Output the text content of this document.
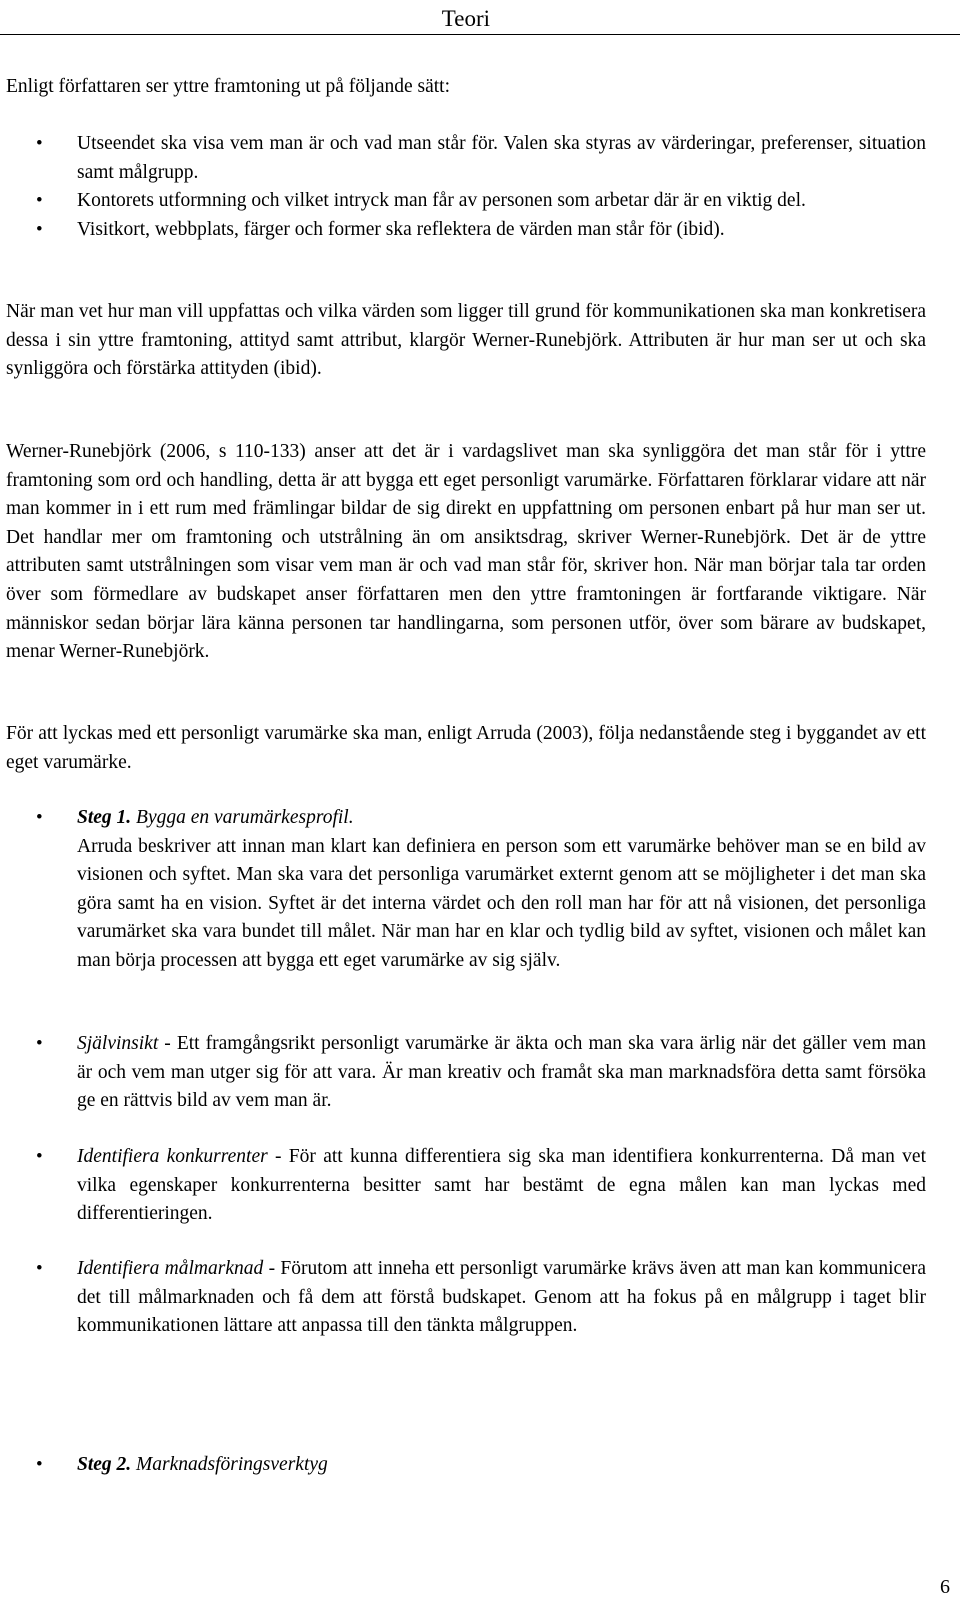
Teori

Enligt författaren ser yttre framtoning ut på följande sätt:

•
Utseendet ska visa vem man är och vad man står för. Valen ska styras av värderingar, preferenser, situation samt målgrupp.
•
Kontorets utformning och vilket intryck man får av personen som arbetar där är en viktig del.
•
Visitkort, webbplats, färger och former ska reflektera de värden man står för (ibid).

När man vet hur man vill uppfattas och vilka värden som ligger till grund för kommunikationen ska man konkretisera dessa i sin yttre framtoning, attityd samt attribut, klargör Werner-Runebjörk. Attributen är hur man ser ut och ska synliggöra och förstärka attityden (ibid).

Werner-Runebjörk (2006, s 110-133) anser att det är i vardagslivet man ska synliggöra det man står för i yttre framtoning som ord och handling, detta är att bygga ett eget personligt varumärke. Författaren förklarar vidare att när man kommer in i ett rum med främlingar bildar de sig direkt en uppfattning om personen enbart på hur man ser ut. Det handlar mer om framtoning och utstrålning än om ansiktsdrag, skriver Werner-Runebjörk. Det är de yttre attributen samt utstrålningen som visar vem man är och vad man står för, skriver hon. När man börjar tala tar orden över som förmedlare av budskapet anser författaren men den yttre framtoningen är fortfarande viktigare. När människor sedan börjar lära känna personen tar handlingarna, som personen utför, över som bärare av budskapet, menar Werner-Runebjörk.

För att lyckas med ett personligt varumärke ska man, enligt Arruda (2003), följa nedanstående steg i byggandet av ett eget varumärke.

•
Steg 1. Bygga en varumärkesprofil.
Arruda beskriver att innan man klart kan definiera en person som ett varumärke behöver man se en bild av visionen och syftet. Man ska vara det personliga varumärket externt genom att se möjligheter i det man ska göra samt ha en vision. Syftet är det interna värdet och den roll man har för att nå visionen, det personliga varumärket ska vara bundet till målet. När man har en klar och tydlig bild av syftet, visionen och målet kan man börja processen att bygga ett eget varumärke av sig själv.
•
Självinsikt - Ett framgångsrikt personligt varumärke är äkta och man ska vara ärlig när det gäller vem man är och vem man utger sig för att vara. Är man kreativ och framåt ska man marknadsföra detta samt försöka ge en rättvis bild av vem man är.
•
Identifiera konkurrenter - För att kunna differentiera sig ska man identifiera konkurrenterna. Då man vet vilka egenskaper konkurrenterna besitter samt har bestämt de egna målen kan man lyckas med differentieringen.
•
Identifiera målmarknad - Förutom att inneha ett personligt varumärke krävs även att man kan kommunicera det till målmarknaden och få dem att förstå budskapet. Genom att ha fokus på en målgrupp i taget blir kommunikationen lättare att anpassa till den tänkta målgruppen.
•
Steg 2. Marknadsföringsverktyg
6
